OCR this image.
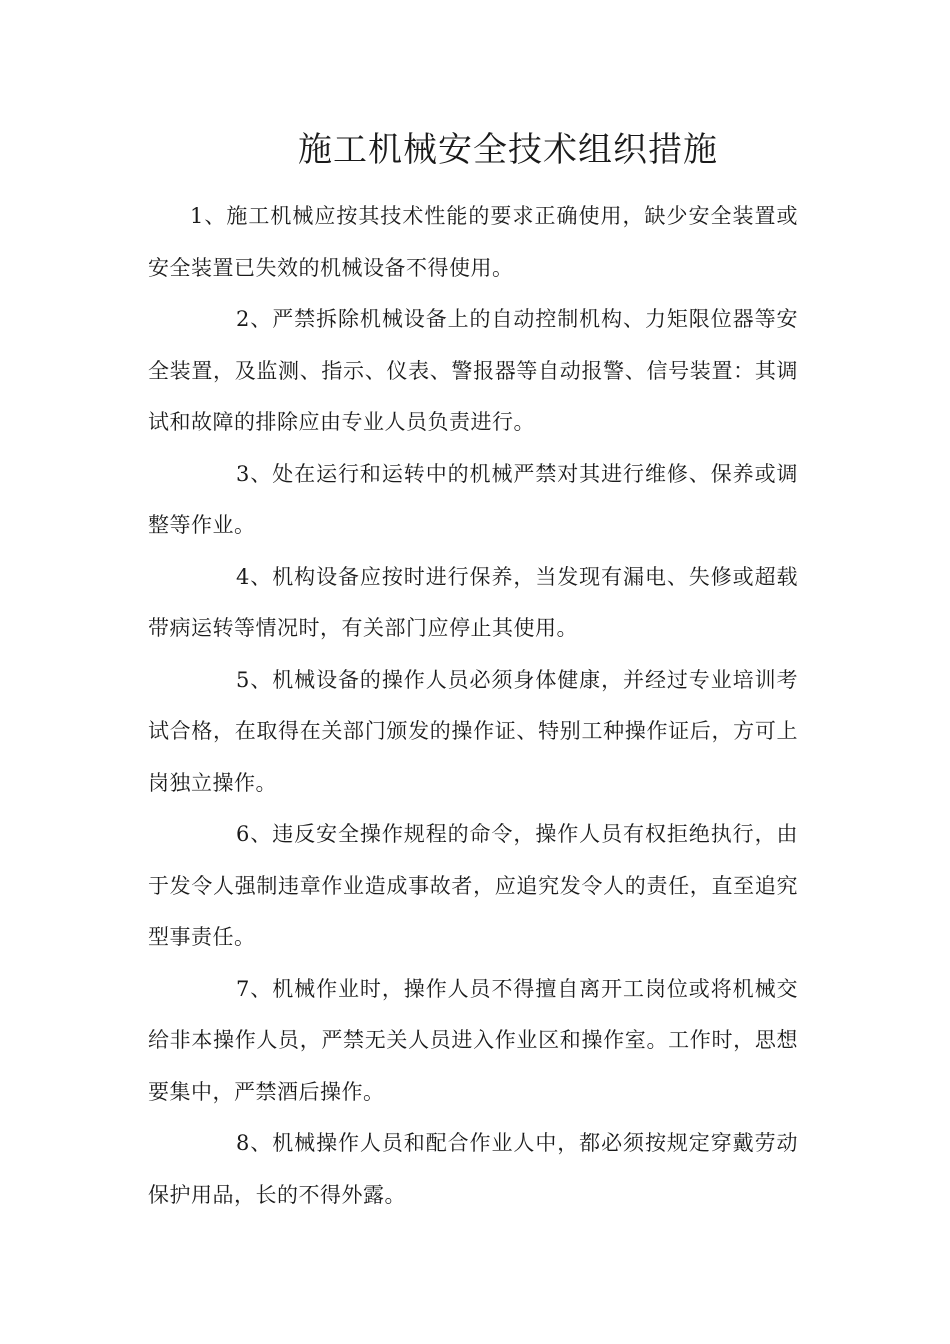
施工机械安全技术组织措施

1、施工机械应按其技术性能的要求正确使用，缺少安全装置或安全装置已失效的机械设备不得使用。

2、严禁拆除机械设备上的自动控制机构、力矩限位器等安全装置，及监测、指示、仪表、警报器等自动报警、信号装置：其调试和故障的排除应由专业人员负责进行。

3、处在运行和运转中的机械严禁对其进行维修、保养或调整等作业。

4、机构设备应按时进行保养，当发现有漏电、失修或超载带病运转等情况时，有关部门应停止其使用。

5、机械设备的操作人员必须身体健康，并经过专业培训考试合格，在取得在关部门颁发的操作证、特别工种操作证后，方可上岗独立操作。

6、违反安全操作规程的命令，操作人员有权拒绝执行，由于发令人强制违章作业造成事故者，应追究发令人的责任，直至追究型事责任。

7、机械作业时，操作人员不得擅自离开工岗位或将机械交给非本操作人员，严禁无关人员进入作业区和操作室。工作时，思想要集中，严禁酒后操作。

8、机械操作人员和配合作业人中，都必须按规定穿戴劳动保护用品，长的不得外露。
